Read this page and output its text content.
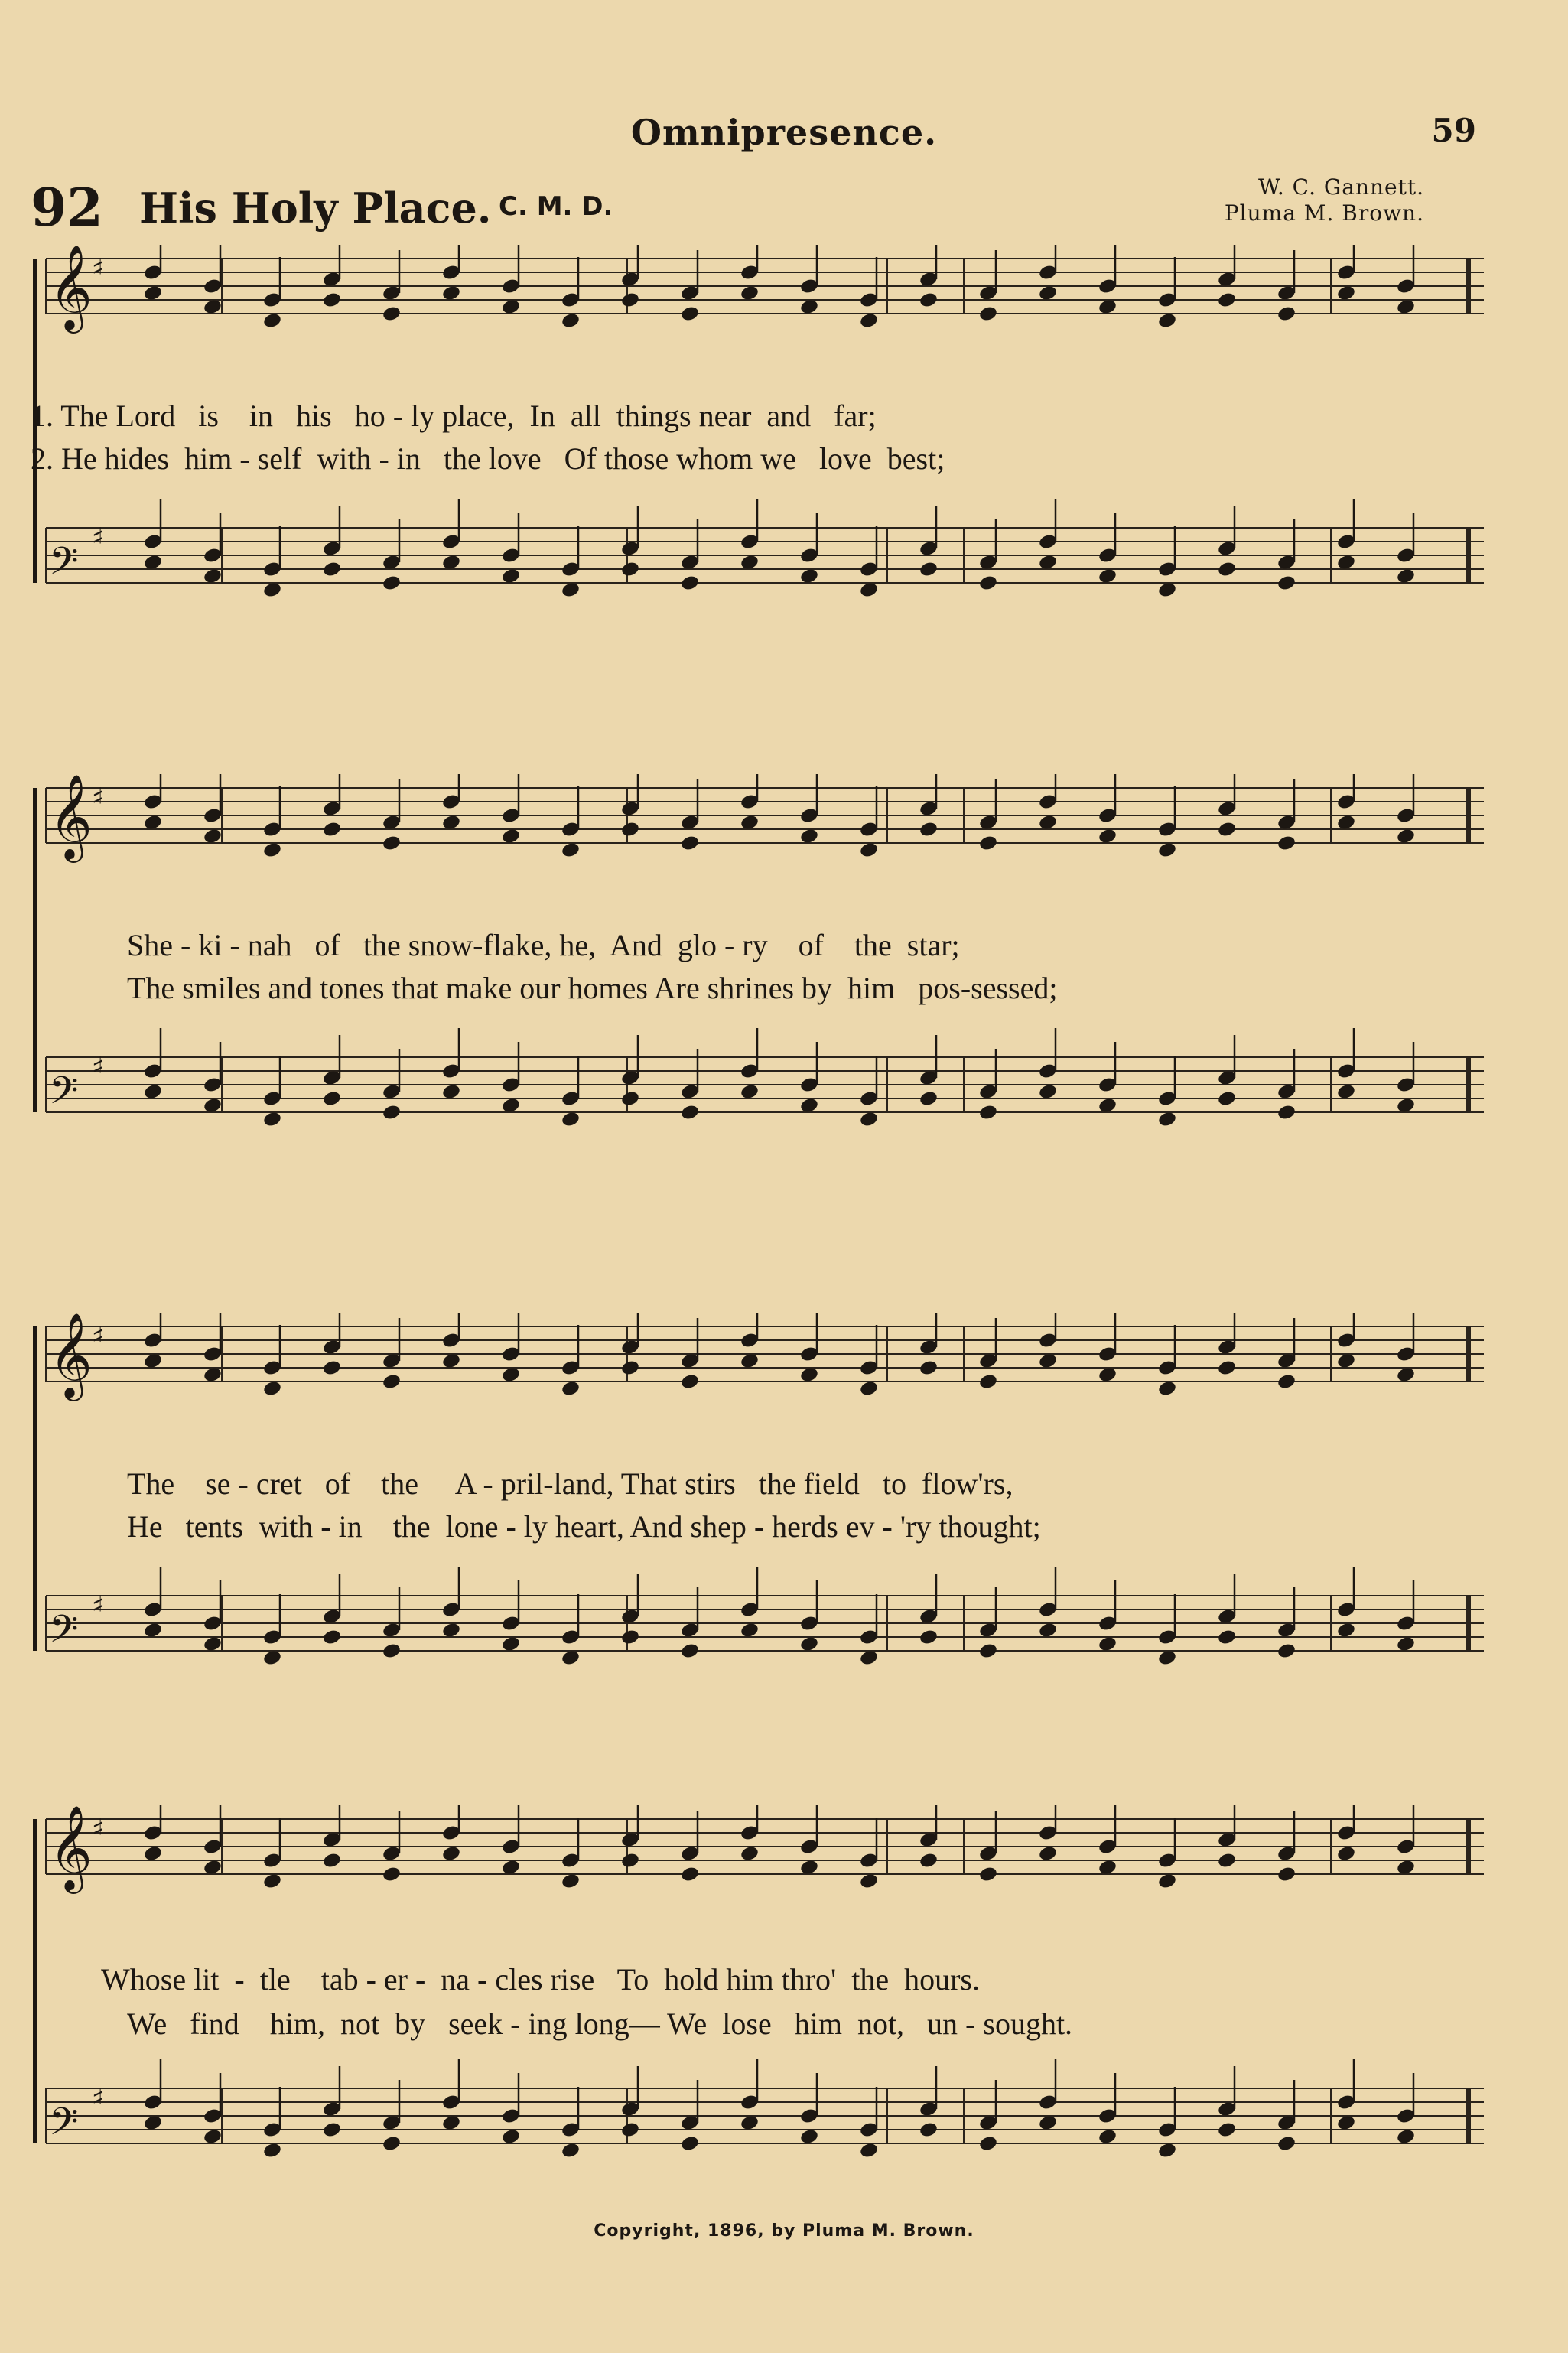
Omnipresence.	59
92 His Holy Place. C. M. D.
W. C. Gannett.
Pluma M. Brown.
𝄞 ♯
𝄢
♯
1. The Lord   is    in   his   ho - ly place,  In  all  things near  and   far;
2. He hides  him - self  with - in   the love   Of those whom we   love  best;
𝄞 ♯
𝄢
♯
She - ki - nah   of   the snow-flake, he,  And  glo - ry    of    the  star;
The smiles and tones that make our homes Are shrines by  him   pos-sessed;
𝄞 ♯
𝄢
♯
The    se - cret   of    the     A - pril-land, That stirs   the field   to  flow'rs,
He   tents  with - in    the  lone - ly heart, And shep - herds ev - 'ry thought;
𝄞 ♯
𝄢
♯
Whose lit  -  tle    tab - er -  na - cles rise   To  hold him thro'  the  hours.
We   find    him,  not  by   seek - ing long— We  lose   him  not,   un - sought.
Copyright, 1896, by Pluma M. Brown.
